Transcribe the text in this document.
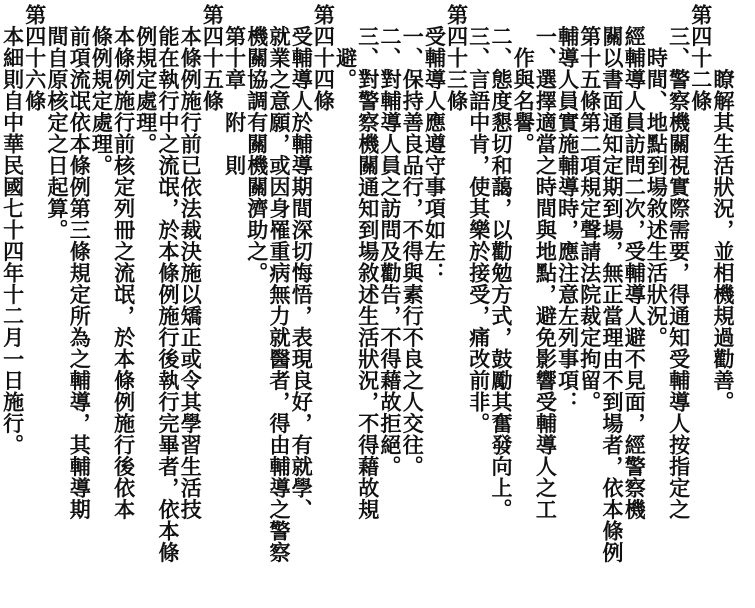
　　　瞭解其生活狀況，並相機規過勸善。
第四十二條
　三、警察機關視實際需要，得通知受輔導人按指定之
　　時間、地點到場敘述生活狀況。
　經輔導人員訪問二次，受輔導人避不見面，經警察機
　關以書面通知定期到場，無正當理由不到場者，依本條例
　第十五條第二項規定聲請法院裁定拘留。
　輔導人員實施輔導時，應注意左列事項：
　一、選擇適當之時間與地點，避免影響受輔導人之工
　　作與名譽。
　二、態度懇切和藹，以勸勉方式，鼓勵其奮發向上。
　三、言語中肯，使其樂於接受，痛改前非。
第四十三條
　受輔導人應遵守事項如左：
　一、保持善良品行，不得與素行不良之人交往。
　二、對輔導人員之訪問及勸告，不得藉故拒絕。
　三、對警察機關通知到場敘述生活狀況，不得藉故規
　　避。
第四十四條
　受輔導人於輔導期間深切悔悟，表現良好，有就學、
　就業之意願，或因身罹重病無力就醫者，得由輔導之警察
　機關協調有關機關濟助之。
　第十章　附　則
第四十五條
　本條例施行前已依法裁決施以矯正或令其學習生活技
　能在執行中之流氓，於本條例施行後執行完畢者，依本條
　例規定處理。
　本條例施行前核定列冊之流氓，於本條例施行後依本
　條例規定處理。
　前項流氓依本條例第三條規定所為之輔導，其輔導期
　間自原核定之日起算。
第四十六條
　本細則自中華民國七十四年十二月一日施行。
